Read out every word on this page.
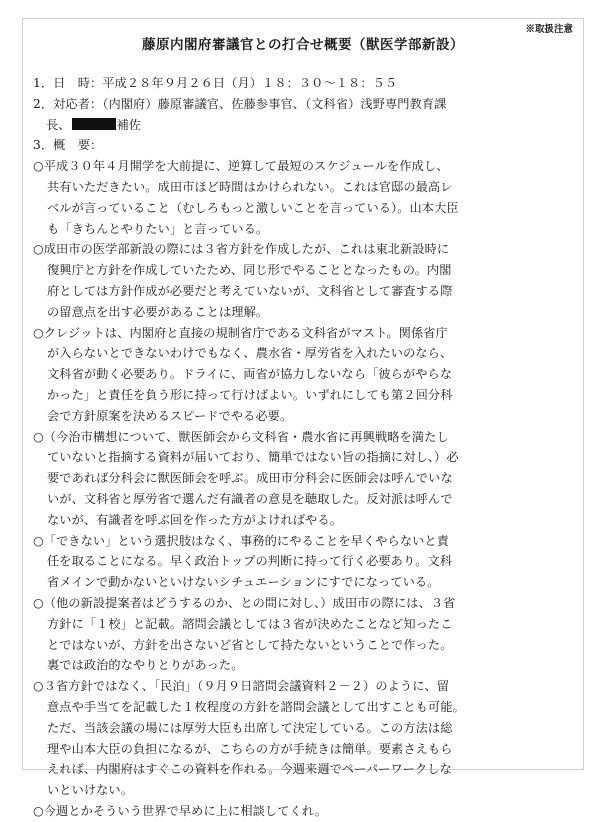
※取扱注意
藤原内閣府審議官との打合せ概要（獣医学部新設）
1．日　時：平成２８年９月２６日（月）１８：３０～１８：５５
2．対応者：（内閣府）藤原審議官、佐藤参事官、（文科省）浅野専門教育課
長、	補佐
3．概　要：
○平成３０年４月開学を大前提に、逆算して最短のスケジュールを作成し、
共有いただきたい。成田市ほど時間はかけられない。これは官邸の最高レ
ベルが言っていること（むしろもっと激しいことを言っている）。山本大臣
も「きちんとやりたい」と言っている。
○成田市の医学部新設の際には３省方針を作成したが、これは東北新設時に
復興庁と方針を作成していたため、同じ形でやることとなったもの。内閣
府としては方針作成が必要だと考えていないが、文科省として審査する際
の留意点を出す必要があることは理解。
○クレジットは、内閣府と直接の規制省庁である文科省がマスト。関係省庁
が入らないとできないわけでもなく、農水省・厚労省を入れたいのなら、
文科省が動く必要あり。ドライに、両省が協力しないなら「彼らがやらな
かった」と責任を負う形に持って行けばよい。いずれにしても第２回分科
会で方針原案を決めるスピードでやる必要。
○（今治市構想について、獣医師会から文科省・農水省に再興戦略を満たし
ていないと指摘する資料が届いており、簡単ではない旨の指摘に対し、）必
要であれば分科会に獣医師会を呼ぶ。成田市分科会に医師会は呼んでいな
いが、文科省と厚労省で選んだ有識者の意見を聴取した。反対派は呼んで
ないが、有識者を呼ぶ回を作った方がよければやる。
○「できない」という選択肢はなく、事務的にやることを早くやらないと責
任を取ることになる。早く政治トップの判断に持って行く必要あり。文科
省メインで動かないといけないシチュエーションにすでになっている。
○（他の新設提案者はどうするのか、との問に対し、）成田市の際には、３省
方針に「１校」と記載。諮問会議としては３省が決めたことなど知ったこ
とではないが、方針を出さないど省として持たないということで作った。
裏では政治的なやりとりがあった。
○３省方針ではなく、「民泊」（９月９日諮問会議資料２－２）のように、留
意点や手当てを記載した１枚程度の方針を諮問会議として出すことも可能。
ただ、当該会議の場には厚労大臣も出席して決定している。この方法は総
理や山本大臣の負担になるが、こちらの方が手続きは簡単。要素さえもら
えれば、内閣府はすぐこの資料を作れる。今週来週でペーパーワークしな
いといけない。
○今週とかそういう世界で早めに上に相談してくれ。
